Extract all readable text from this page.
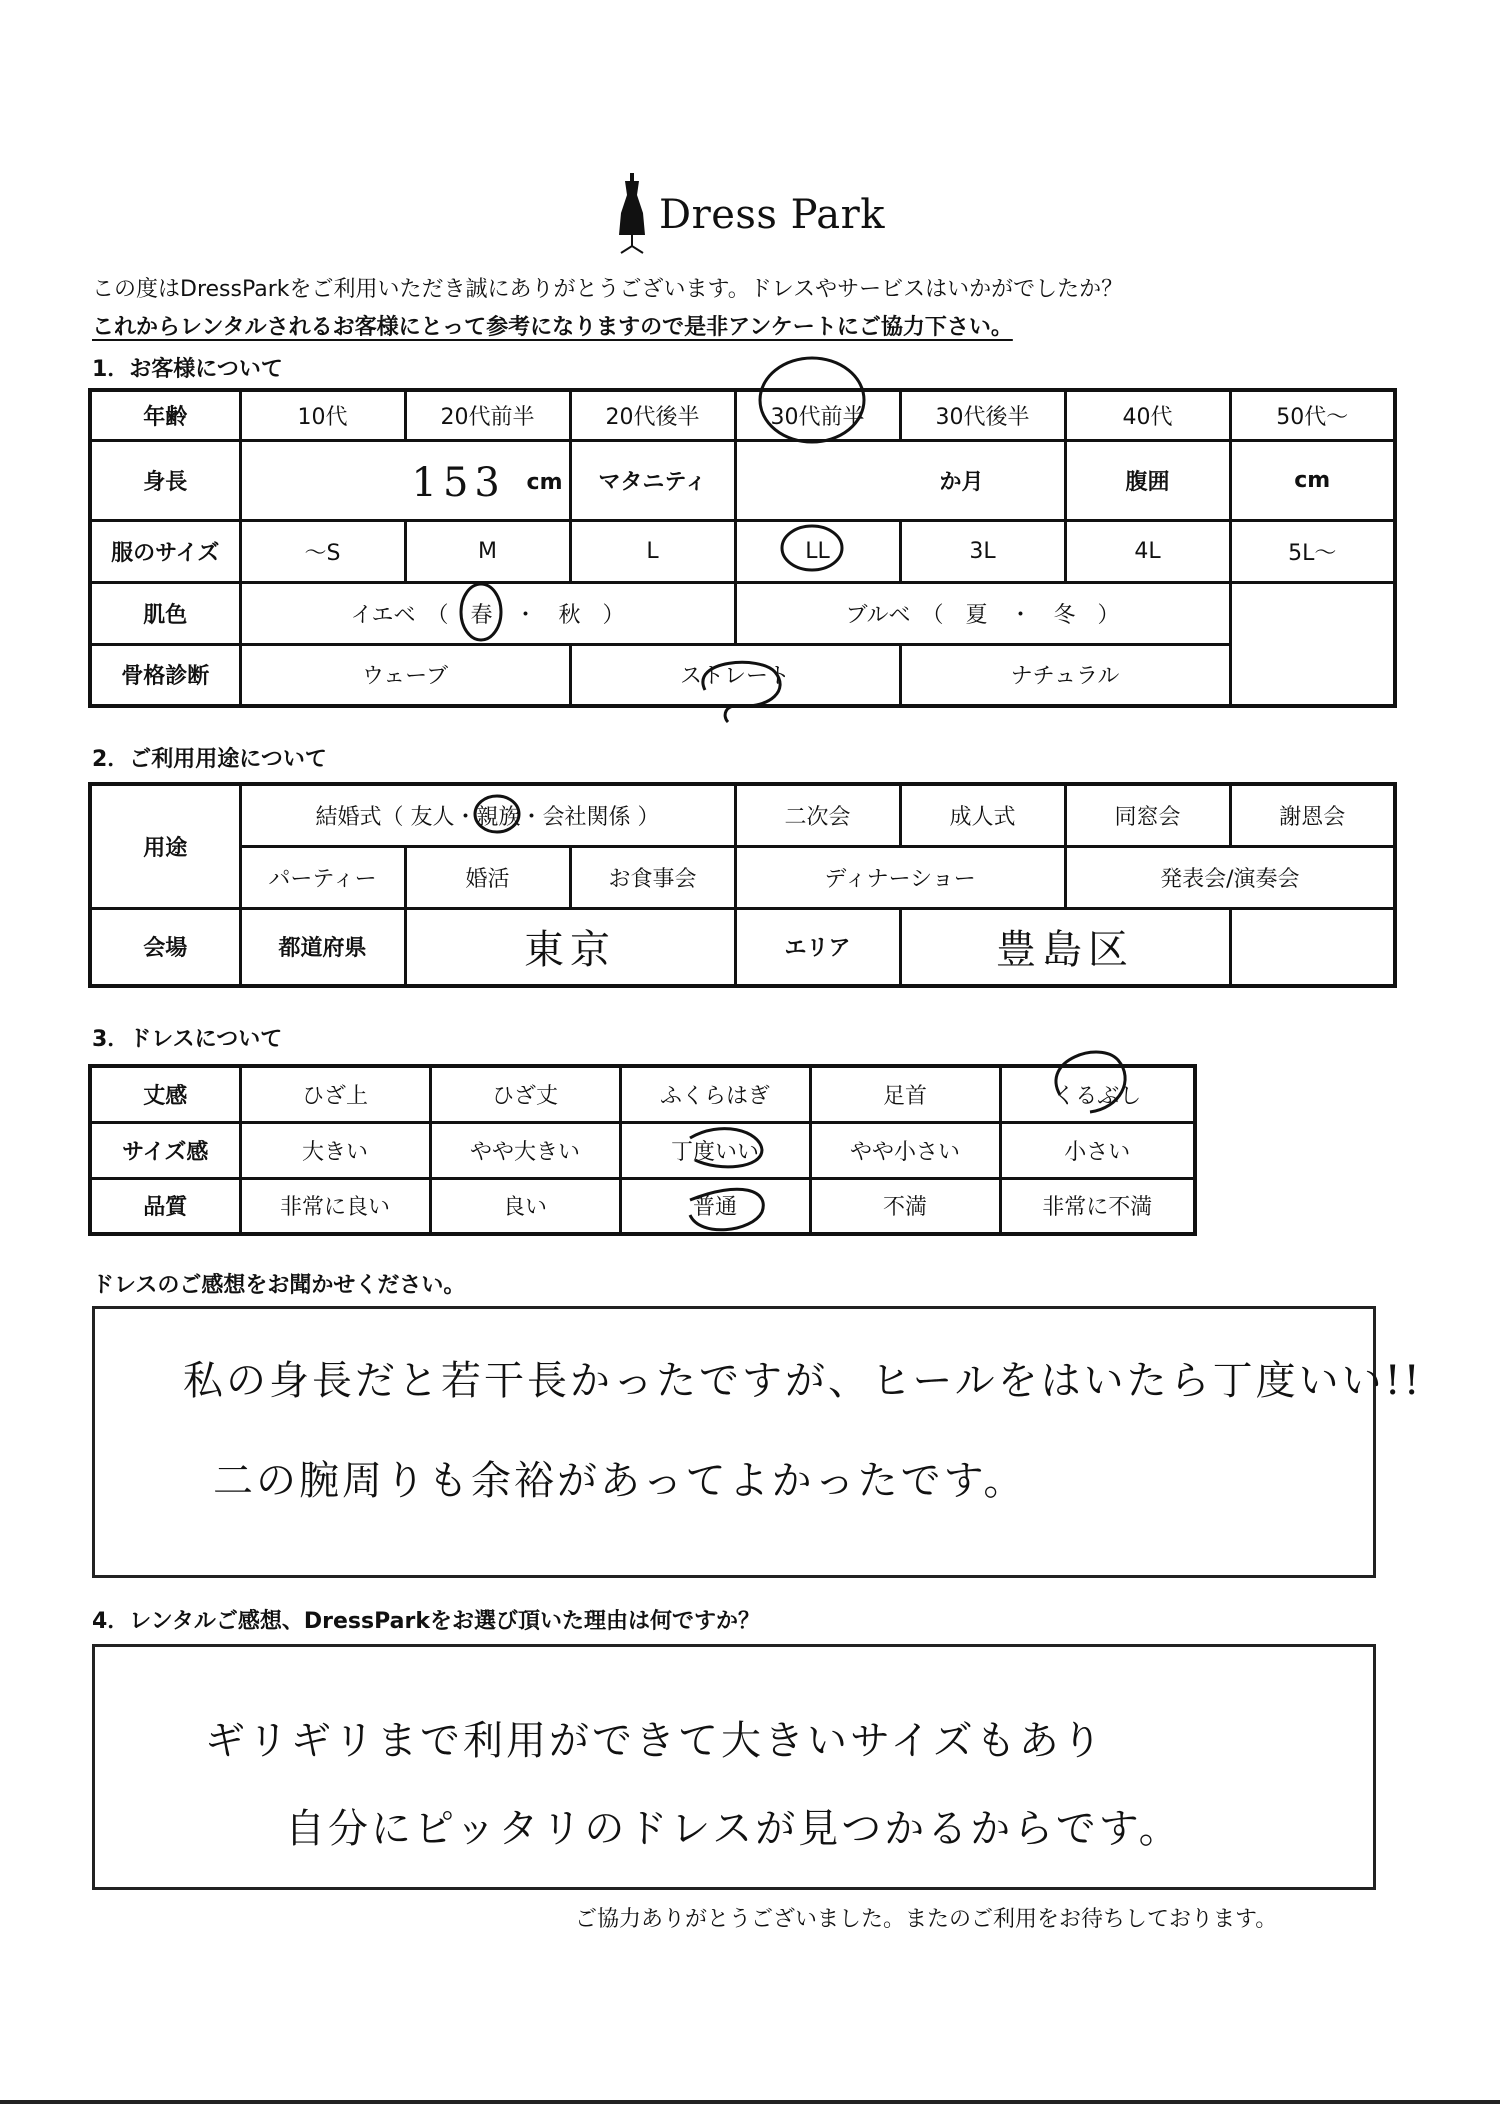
Dress Park
この度はDressParkをご利用いただき誠にありがとうございます。ドレスやサービスはいかがでしたか？
これからレンタルされるお客様にとって参考になりますので是非アンケートにご協力下さい。
1．お客様について
年齢	10代	20代前半	20代後半	30代前半	30代後半	40代	50代～
身長	153 cm		マタニティ	か月		腹囲	cm
服のサイズ	～S	M	L	LL	3L	4L	5L～
肌色	イエベ　（　春　・　秋　）			ブルベ　（　夏　・　冬　）			
骨格診断	ウェーブ		ストレート		ナチュラル		
2．ご利用用途について
用途	結婚式（ 友人・親族・会社関係 ）			二次会	成人式	同窓会	謝恩会
	パーティー	婚活	お食事会	ディナーショー		発表会/演奏会	
会場	都道府県	東京		エリア	豊島区		
3．ドレスについて
丈感	ひざ上	ひざ丈	ふくらはぎ	足首	くるぶし
サイズ感	大きい	やや大きい	丁度いい	やや小さい	小さい
品質	非常に良い	良い	普通	不満	非常に不満
ドレスのご感想をお聞かせください。
私の身長だと若干長かったですが、ヒールをはいたら丁度いい!!
二の腕周りも余裕があってよかったです。
4．レンタルご感想、DressParkをお選び頂いた理由は何ですか？
ギリギリまで利用ができて大きいサイズもあり
自分にピッタリのドレスが見つかるからです。
ご協力ありがとうございました。またのご利用をお待ちしております。
